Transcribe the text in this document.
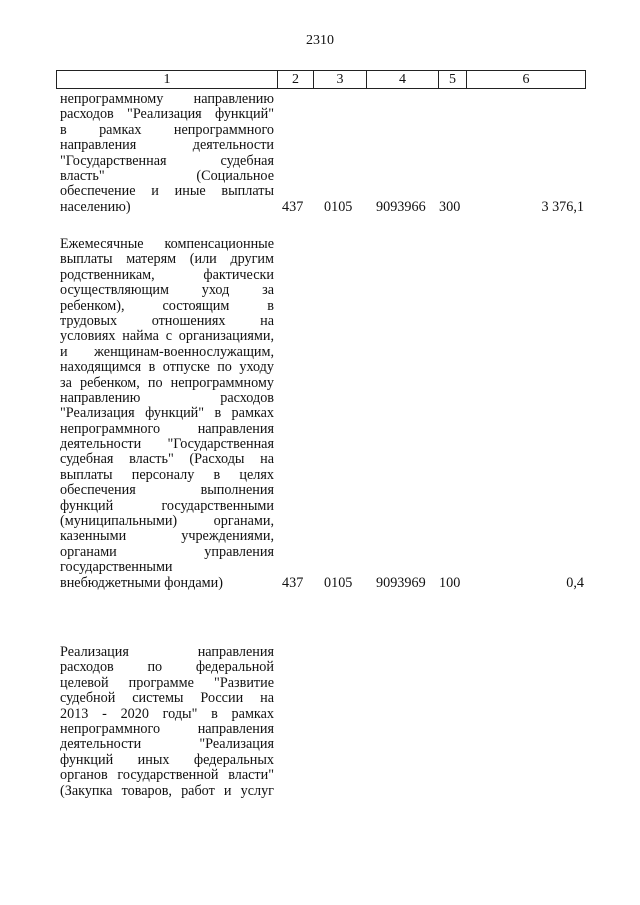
2310
1	2	3	4	5	6
непрограммному направлению
расходов "Реализация функций"
в рамках непрограммного
направления деятельности
"Государственная судебная
власть" (Социальное
обеспечение и иные выплаты
населению)	437 0105 9093966 300	3 376,1
Ежемесячные компенсационные
выплаты матерям (или другим
родственникам, фактически
осуществляющим уход за
ребенком), состоящим в
трудовых отношениях на
условиях найма с организациями,
и женщинам-военнослужащим,
находящимся в отпуске по уходу
за ребенком, по непрограммному
направлению расходов
"Реализация функций" в рамках
непрограммного направления
деятельности "Государственная
судебная власть" (Расходы на
выплаты персоналу в целях
обеспечения выполнения
функций государственными
(муниципальными) органами,
казенными учреждениями,
органами управления
государственными
внебюджетными фондами)	437 0105 9093969 100	0,4
Реализация направления
расходов по федеральной
целевой программе "Развитие
судебной системы России на
2013 - 2020 годы" в рамках
непрограммного направления
деятельности "Реализация
функций иных федеральных
органов государственной власти"
(Закупка товаров, работ и услуг
